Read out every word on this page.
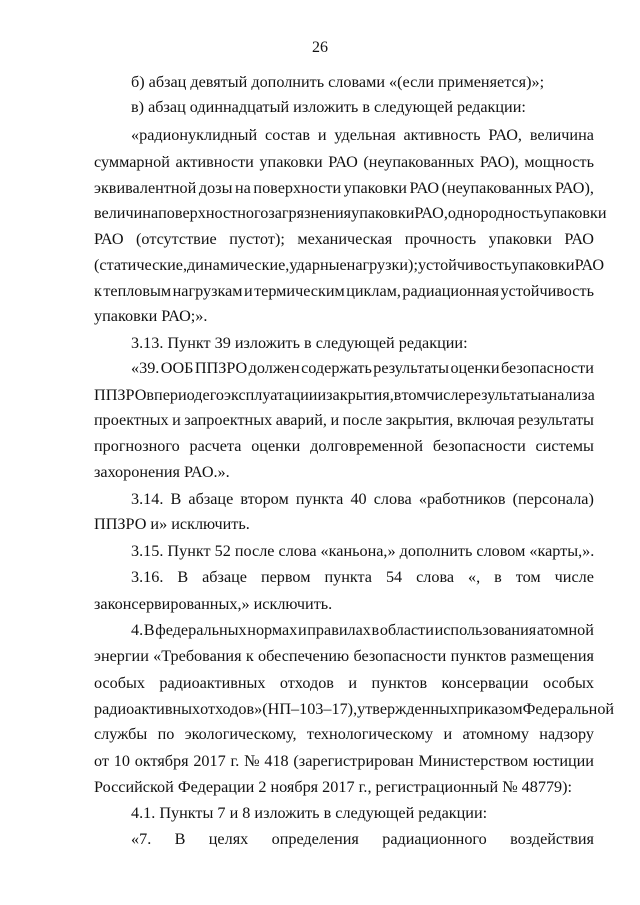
26
б) абзац девятый дополнить словами «(если применяется)»;
в) абзац одиннадцатый изложить в следующей редакции:
«радионуклидный состав и удельная активность РАО, величина
суммарной активности упаковки РАО (неупакованных РАО), мощность
эквивалентной дозы на поверхности упаковки РАО (неупакованных РАО),
величина поверхностного загрязнения упаковки РАО, однородность упаковки
РАО (отсутствие пустот); механическая прочность упаковки РАО
(статические, динамические, ударные нагрузки); устойчивость упаковки РАО
к тепловым нагрузкам и термическим циклам, радиационная устойчивость
упаковки РАО;».
3.13. Пункт 39 изложить в следующей редакции:
«39. ООБ ППЗРО должен содержать результаты оценки безопасности
ППЗРО в период его эксплуатации и закрытия, в том числе результаты анализа
проектных и запроектных аварий, и после закрытия, включая результаты
прогнозного расчета оценки долговременной безопасности системы
захоронения РАО.».
3.14. В абзаце втором пункта 40 слова «работников (персонала)
ППЗРО и» исключить.
3.15. Пункт 52 после слова «каньона,» дополнить словом «карты,».
3.16. В абзаце первом пункта 54 слова «, в том числе
законсервированных,» исключить.
4. В федеральных нормах и правилах в области использования атомной
энергии «Требования к обеспечению безопасности пунктов размещения
особых радиоактивных отходов и пунктов консервации особых
радиоактивных отходов» (НП–103–17), утвержденных приказом Федеральной
службы по экологическому, технологическому и атомному надзору
от 10 октября 2017 г. № 418 (зарегистрирован Министерством юстиции
Российской Федерации 2 ноября 2017 г., регистрационный № 48779):
4.1. Пункты 7 и 8 изложить в следующей редакции:
«7. В целях определения радиационного воздействия
